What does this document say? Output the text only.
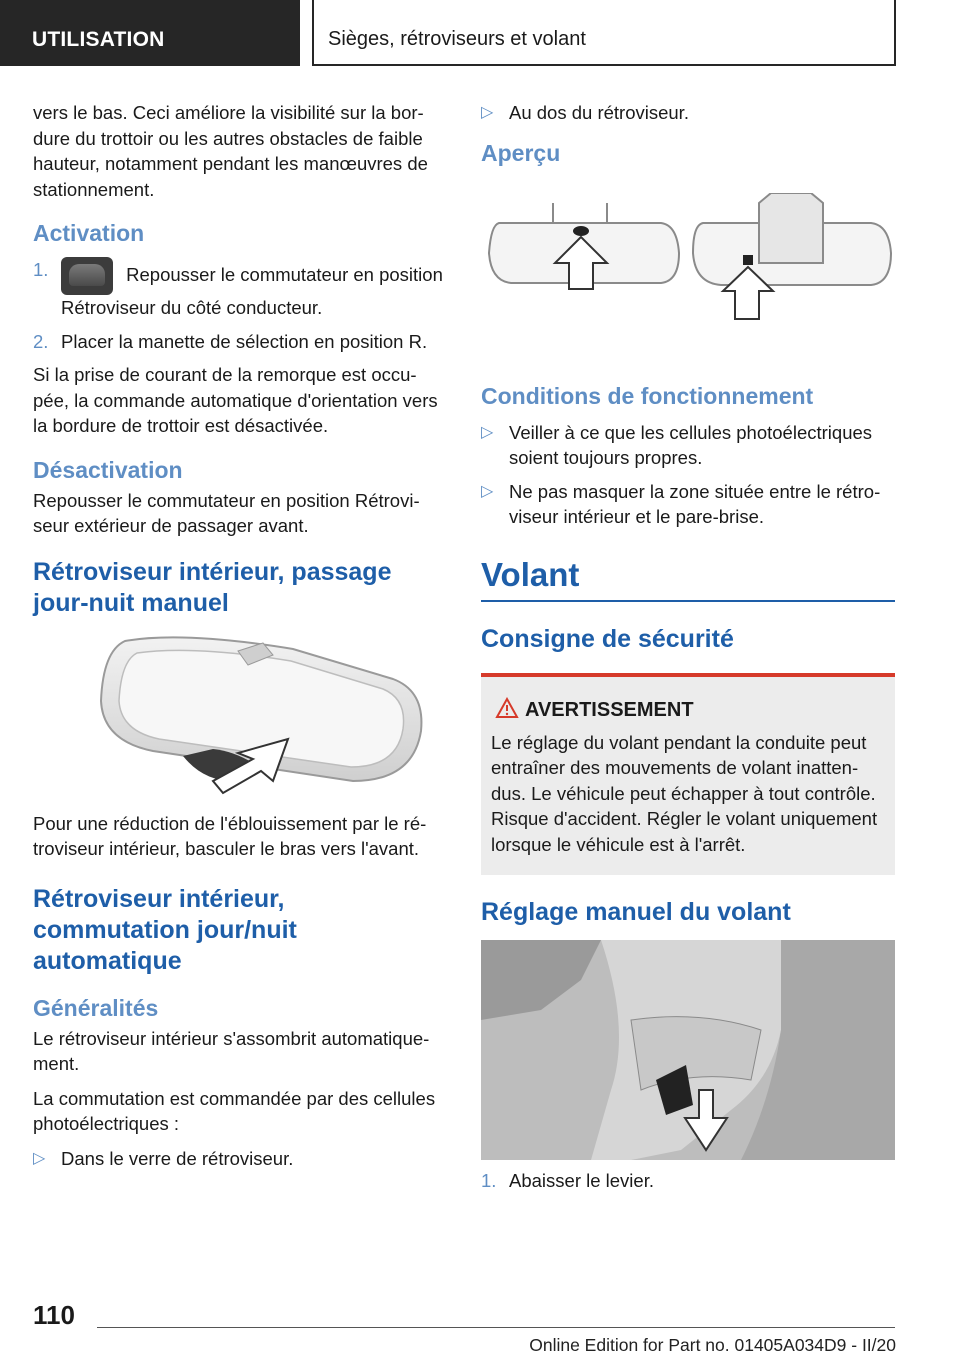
UTILISATION	Sièges, rétroviseurs et volant

vers le bas. Ceci améliore la visibilité sur la bordure du trottoir ou les autres obstacles de faible hauteur, notamment pendant les manœuvres de stationnement.

Activation
1.	Repousser le commutateur en position Rétroviseur du côté conducteur.
2. Placer la manette de sélection en position R.

Si la prise de courant de la remorque est occupée, la commande automatique d'orientation vers la bordure de trottoir est désactivée.

Désactivation

Repousser le commutateur en position Rétroviseur extérieur de passager avant.

Rétroviseur intérieur, passage jour-nuit manuel

Pour une réduction de l'éblouissement par le rétroviseur intérieur, basculer le bras vers l'avant.

Rétroviseur intérieur, commutation jour/nuit automatique
Généralités

Le rétroviseur intérieur s'assombrit automatiquement.

La commutation est commandée par des cellules photoélectriques :

▷ Dans le verre de rétroviseur.
▷ Au dos du rétroviseur.
Aperçu
Conditions de fonctionnement
▷ Veiller à ce que les cellules photoélectriques soient toujours propres.
▷ Ne pas masquer la zone située entre le rétroviseur intérieur et le pare-brise.
Volant
Consigne de sécurité
AVERTISSEMENT

Le réglage du volant pendant la conduite peut entraîner des mouvements de volant inattendus. Le véhicule peut échapper à tout contrôle. Risque d'accident. Régler le volant uniquement lorsque le véhicule est à l'arrêt.

Réglage manuel du volant
1. Abaisser le levier.
110
Online Edition for Part no. 01405A034D9 - II/20
